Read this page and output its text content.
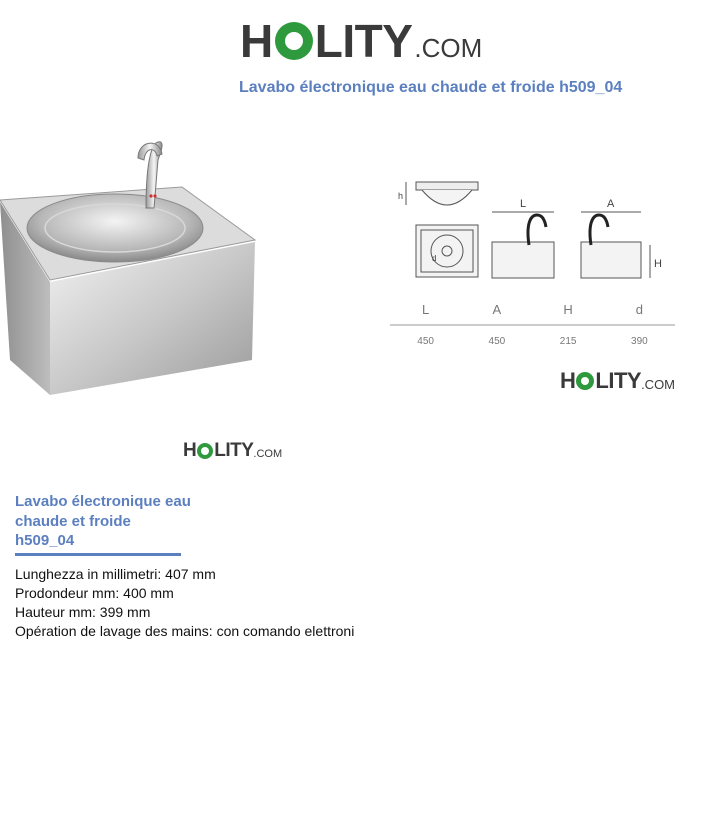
H LITY .COM
Lavabo électronique eau chaude et froide h509_04
h
L	A
H
d
L	A	H	d
450	450	215	390
H LITY .COM
H LITY .COM
Lavabo électronique eau
chaude et froide
h509_04
Lunghezza in millimetri: 407 mm
Prodondeur mm: 400 mm
Hauteur mm: 399 mm
Opération de lavage des mains: con comando elettroni
